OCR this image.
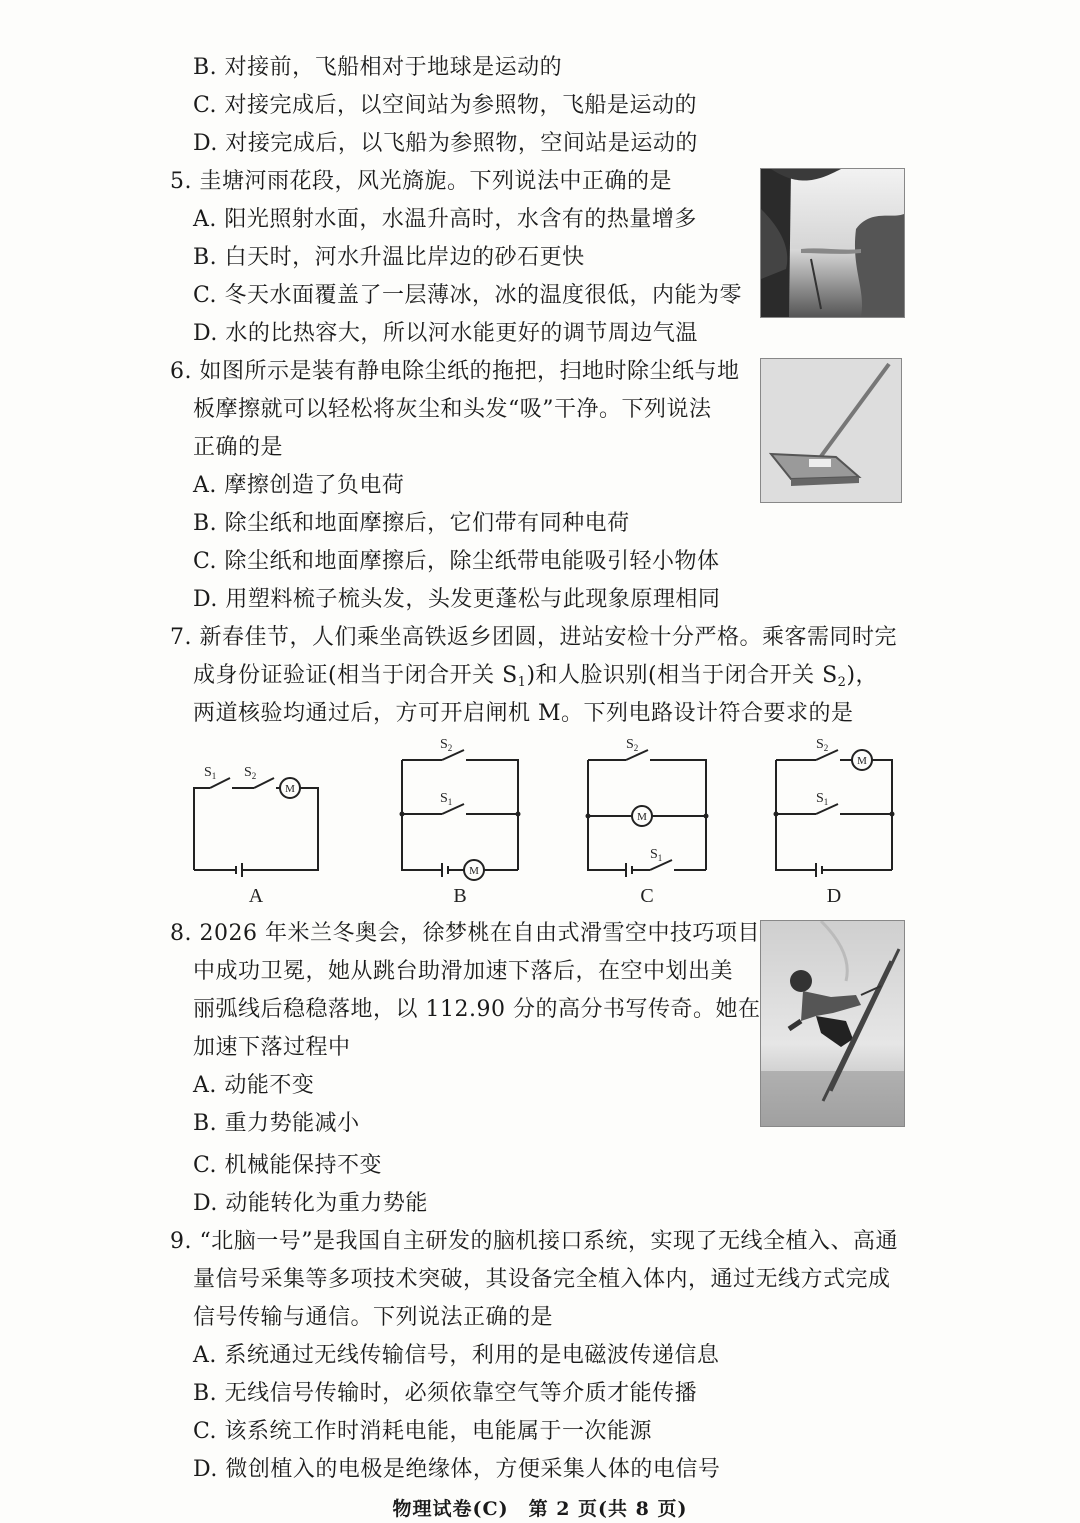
B. 对接前，飞船相对于地球是运动的
C. 对接完成后，以空间站为参照物，飞船是运动的
D. 对接完成后，以飞船为参照物，空间站是运动的
5. 圭塘河雨花段，风光旖旎。下列说法中正确的是
A. 阳光照射水面，水温升高时，水含有的热量增多
B. 白天时，河水升温比岸边的砂石更快
C. 冬天水面覆盖了一层薄冰，冰的温度很低，内能为零
D. 水的比热容大，所以河水能更好的调节周边气温
6. 如图所示是装有静电除尘纸的拖把，扫地时除尘纸与地
板摩擦就可以轻松将灰尘和头发“吸”干净。下列说法
正确的是
A. 摩擦创造了负电荷
B. 除尘纸和地面摩擦后，它们带有同种电荷
C. 除尘纸和地面摩擦后，除尘纸带电能吸引轻小物体
D. 用塑料梳子梳头发，头发更蓬松与此现象原理相同
7. 新春佳节，人们乘坐高铁返乡团圆，进站安检十分严格。乘客需同时完
成身份证验证(相当于闭合开关 $S_1$)和人脸识别(相当于闭合开关 $S_2$)，
两道核验均通过后，方可开启闸机 M。下列电路设计符合要求的是
M
M
M
M
$S_1$ $S_2$
$S_2$
$S_1$
$S_2$
$S_1$
$S_2$
$S_1$
A	B	C	D
8. 2026 年米兰冬奥会，徐梦桃在自由式滑雪空中技巧项目
中成功卫冕，她从跳台助滑加速下落后，在空中划出美
丽弧线后稳稳落地，以 112.90 分的高分书写传奇。她在
加速下落过程中
A. 动能不变
B. 重力势能减小
C. 机械能保持不变
D. 动能转化为重力势能
9. “北脑一号”是我国自主研发的脑机接口系统，实现了无线全植入、高通
量信号采集等多项技术突破，其设备完全植入体内，通过无线方式完成
信号传输与通信。下列说法正确的是
A. 系统通过无线传输信号，利用的是电磁波传递信息
B. 无线信号传输时，必须依靠空气等介质才能传播
C. 该系统工作时消耗电能，电能属于一次能源
D. 微创植入的电极是绝缘体，方便采集人体的电信号
物理试卷(C)　第 2 页(共 8 页)
